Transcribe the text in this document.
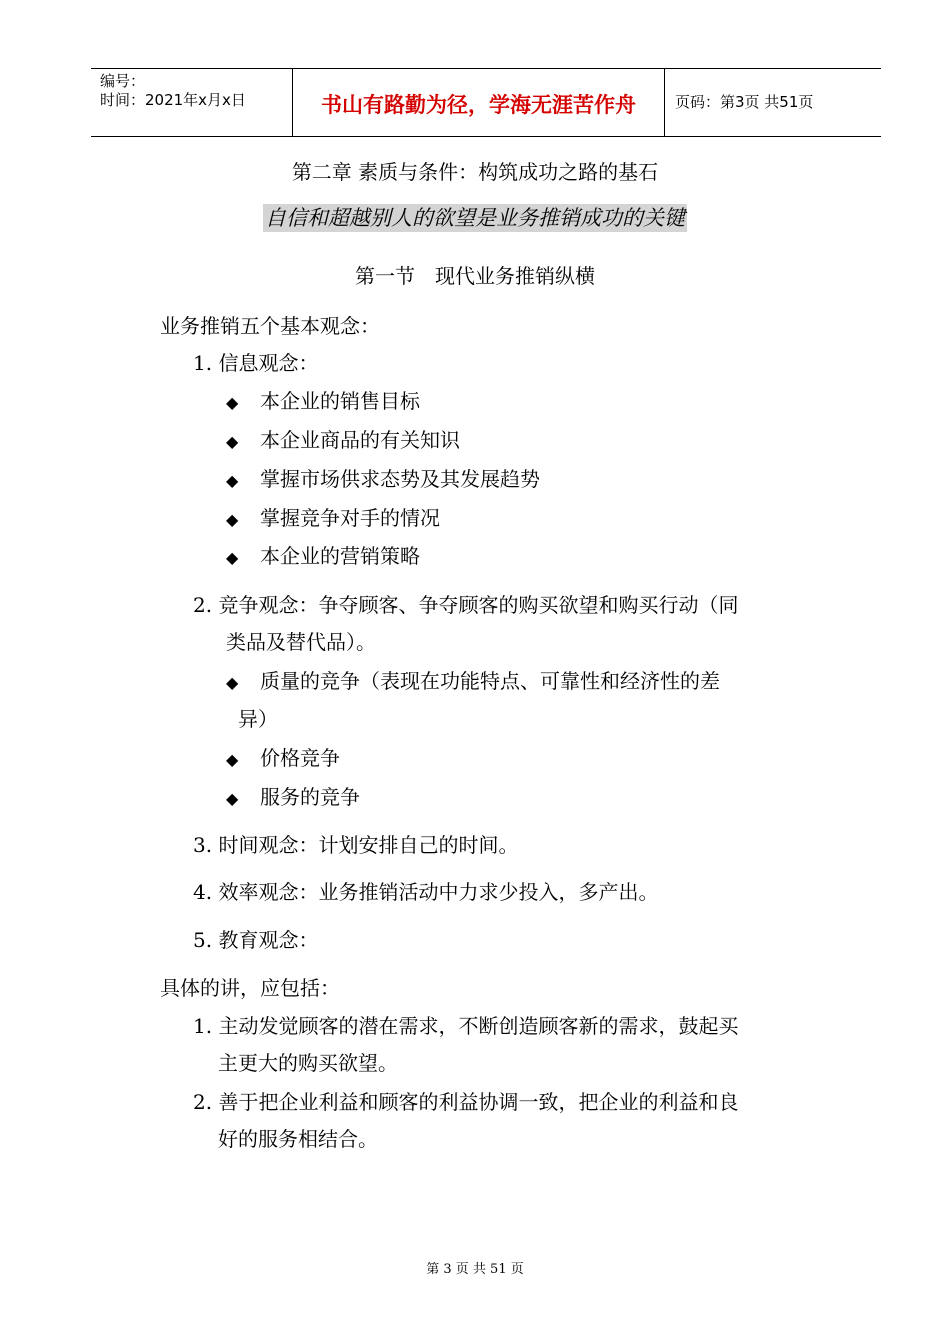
编号：
时间：2021年x月x日	书山有路勤为径，学海无涯苦作舟	页码：第3页 共51页
第二章 素质与条件：构筑成功之路的基石
自信和超越别人的欲望是业务推销成功的关键
第一节　现代业务推销纵横
业务推销五个基本观念：
1. 信息观念：
◆ 本企业的销售目标
◆ 本企业商品的有关知识
◆ 掌握市场供求态势及其发展趋势
◆ 掌握竞争对手的情况
◆ 本企业的营销策略
2. 竞争观念：争夺顾客、争夺顾客的购买欲望和购买行动（同
类品及替代品）。
◆ 质量的竞争（表现在功能特点、可靠性和经济性的差
异）
◆ 价格竞争
◆ 服务的竞争
3. 时间观念：计划安排自己的时间。
4. 效率观念：业务推销活动中力求少投入，多产出。
5. 教育观念：
具体的讲，应包括：
1. 主动发觉顾客的潜在需求，不断创造顾客新的需求，鼓起买
主更大的购买欲望。
2. 善于把企业利益和顾客的利益协调一致，把企业的利益和良
好的服务相结合。
第 3 页 共 51 页
